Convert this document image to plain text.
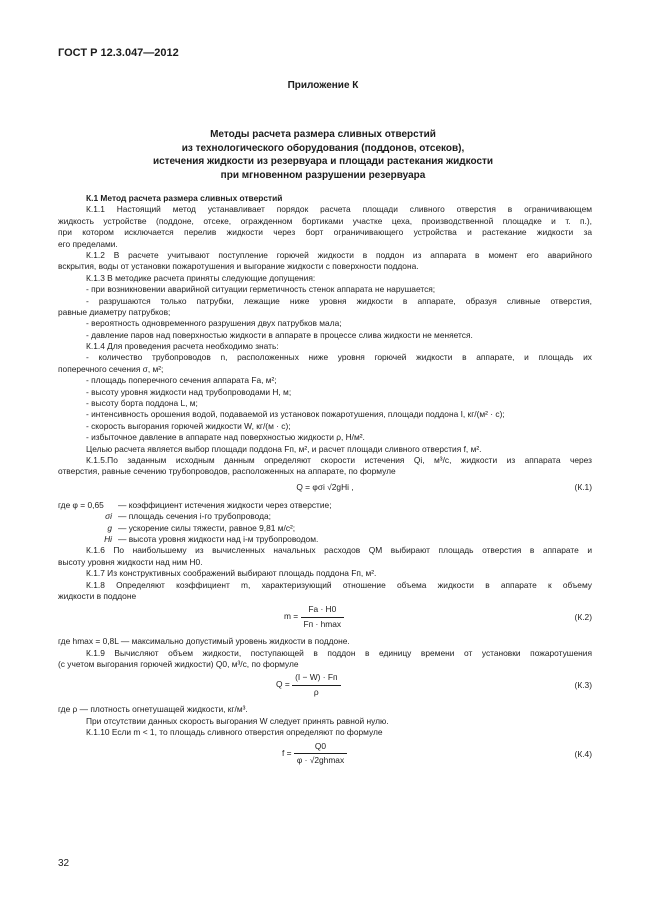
ГОСТ Р 12.3.047—2012
Приложение К
Методы расчета размера сливных отверстий
из технологического оборудования (поддонов, отсеков),
истечения жидкости из резервуара и площади растекания жидкости
при мгновенном разрушении резервуара
К.1 Метод расчета размера сливных отверстий
К.1.1 Настоящий метод устанавливает порядок расчета площади сливного отверстия в ограничивающем
жидкость устройстве (поддоне, отсеке, огражденном бортиками участке цеха, производственной площадке и т. п.),
при котором исключается перелив жидкости через борт ограничивающего устройства и растекание жидкости за
его пределами.
К.1.2 В расчете учитывают поступление горючей жидкости в поддон из аппарата в момент его аварийного
вскрытия, воды от установки пожаротушения и выгорание жидкости с поверхности поддона.
К.1.3 В методике расчета приняты следующие допущения:
- при возникновении аварийной ситуации герметичность стенок аппарата не нарушается;
- разрушаются только патрубки, лежащие ниже уровня жидкости в аппарате, образуя сливные отверстия,
равные диаметру патрубков;
- вероятность одновременного разрушения двух патрубков мала;
- давление паров над поверхностью жидкости в аппарате в процессе слива жидкости не меняется.
К.1.4 Для проведения расчета необходимо знать:
- количество трубопроводов n, расположенных ниже уровня горючей жидкости в аппарате, и площадь их
поперечного сечения σ, м²;
- площадь поперечного сечения аппарата Fa, м²;
- высоту уровня жидкости над трубопроводами H, м;
- высоту борта поддона L, м;
- интенсивность орошения водой, подаваемой из установок пожаротушения, площади поддона I, кг/(м² · с);
- скорость выгорания горючей жидкости W, кг/(м · с);
- избыточное давление в аппарате над поверхностью жидкости ρ, Н/м².
Целью расчета является выбор площади поддона Fп, м², и расчет площади сливного отверстия f, м².
К.1.5.По заданным исходным данным определяют скорости истечения Qi, м³/с, жидкости из аппарата через
отверстия, равные сечению трубопроводов, расположенных на аппарате, по формуле
Q = φσi √2gHi ,	(К.1)
где φ = 0,65 — коэффициент истечения жидкости через отверстие;
σi — площадь сечения i-го трубопровода;
g — ускорение силы тяжести, равное 9,81 м/с²;
Hi — высота уровня жидкости над i-м трубопроводом.
К.1.6 По наибольшему из вычисленных начальных расходов QM выбирают площадь отверстия в аппарате и
высоту уровня жидкости над ним H0.
К.1.7 Из конструктивных соображений выбирают площадь поддона Fп, м².
К.1.8 Определяют коэффициент m, характеризующий отношение объема жидкости в аппарате к объему
жидкости в поддоне
$m = \frac{Fa \cdot H0}{Fп \cdot hmax}$	(К.2)
где hmax = 0,8L — максимально допустимый уровень жидкости в поддоне.
К.1.9 Вычисляют объем жидкости, поступающей в поддон в единицу времени от установки пожаротушения
(с учетом выгорания горючей жидкости) Q0, м³/с, по формуле
$Q = \frac{(I - W) \cdot Fп}{\rho}$	(К.3)
где ρ — плотность огнетушащей жидкости, кг/м³.
При отсутствии данных скорость выгорания W следует принять равной нулю.
К.1.10 Если m < 1, то площадь сливного отверстия определяют по формуле
$f = \frac{Q0}{\varphi \cdot √2ghmax}$	(К.4)
32
